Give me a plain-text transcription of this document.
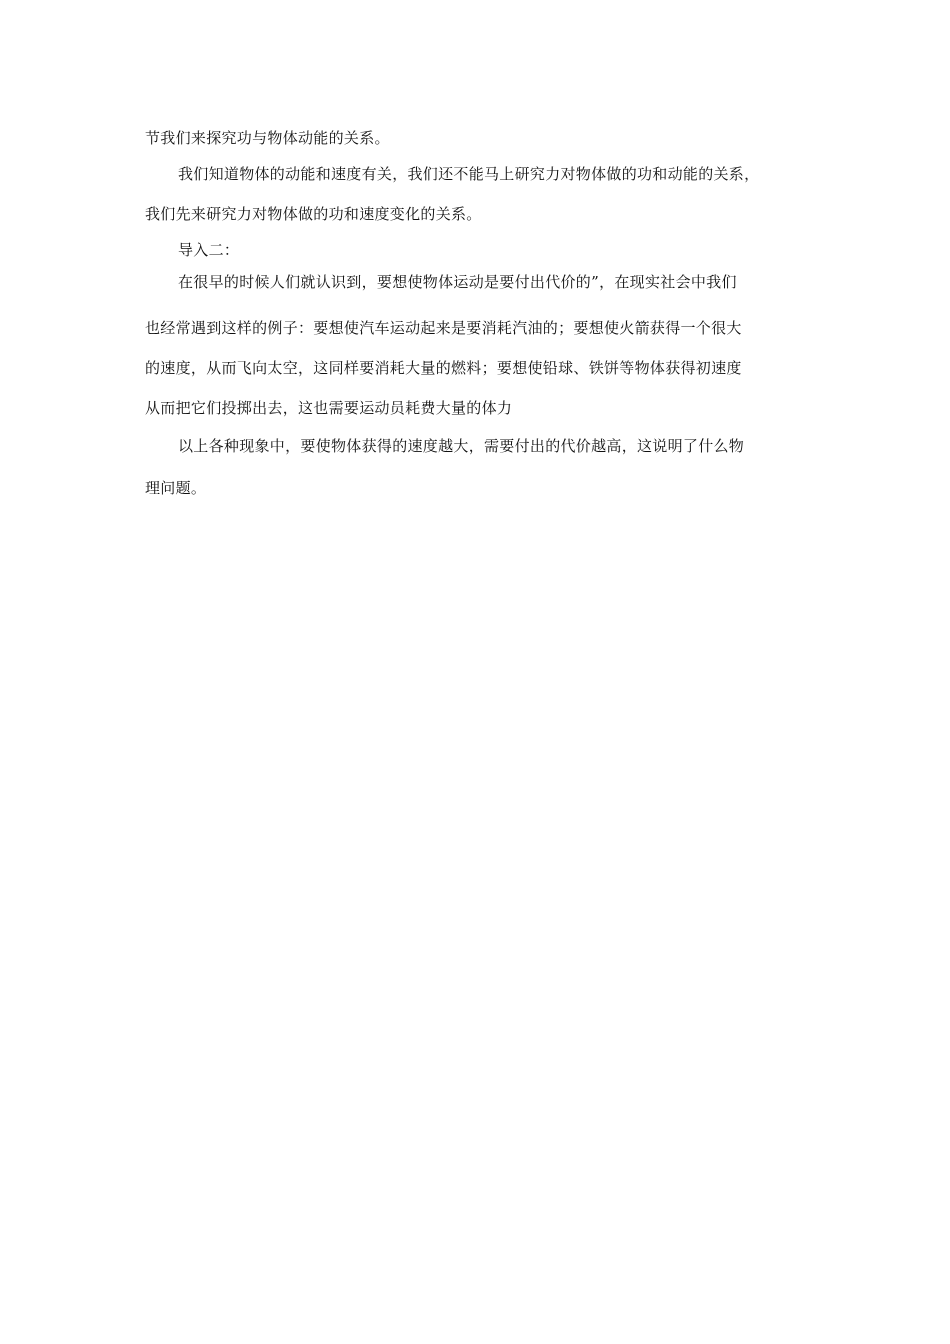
节我们来探究功与物体动能的关系。
我们知道物体的动能和速度有关，我们还不能马上研究力对物体做的功和动能的关系，
我们先来研究力对物体做的功和速度变化的关系。
导入二：
在很早的时候人们就认识到，要想使物体运动是要付出代价的”，在现实社会中我们
也经常遇到这样的例子：要想使汽车运动起来是要消耗汽油的；要想使火箭获得一个很大
的速度，从而飞向太空，这同样要消耗大量的燃料；要想使铅球、铁饼等物体获得初速度
从而把它们投掷出去，这也需要运动员耗费大量的体力
以上各种现象中，要使物体获得的速度越大，需要付出的代价越高，这说明了什么物
理问题。
